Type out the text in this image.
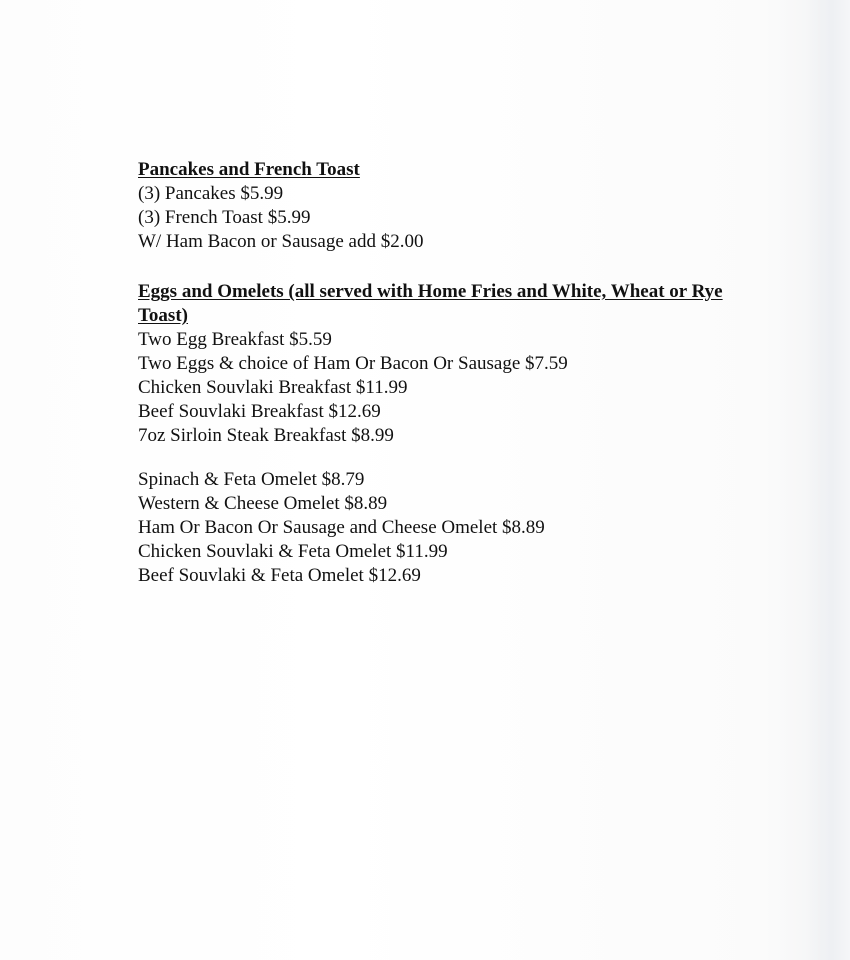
Pancakes and French Toast

(3) Pancakes $5.99

(3) French Toast $5.99

W/ Ham Bacon or Sausage add $2.00

Eggs and Omelets (all served with Home Fries and White, Wheat or Rye Toast)

Two Egg Breakfast $5.59

Two Eggs & choice of Ham Or Bacon Or Sausage $7.59

Chicken Souvlaki Breakfast $11.99

Beef Souvlaki Breakfast $12.69

7oz Sirloin Steak Breakfast $8.99

Spinach & Feta Omelet $8.79

Western & Cheese Omelet $8.89

Ham Or Bacon Or Sausage and Cheese Omelet $8.89

Chicken Souvlaki & Feta Omelet $11.99

Beef Souvlaki & Feta Omelet $12.69
